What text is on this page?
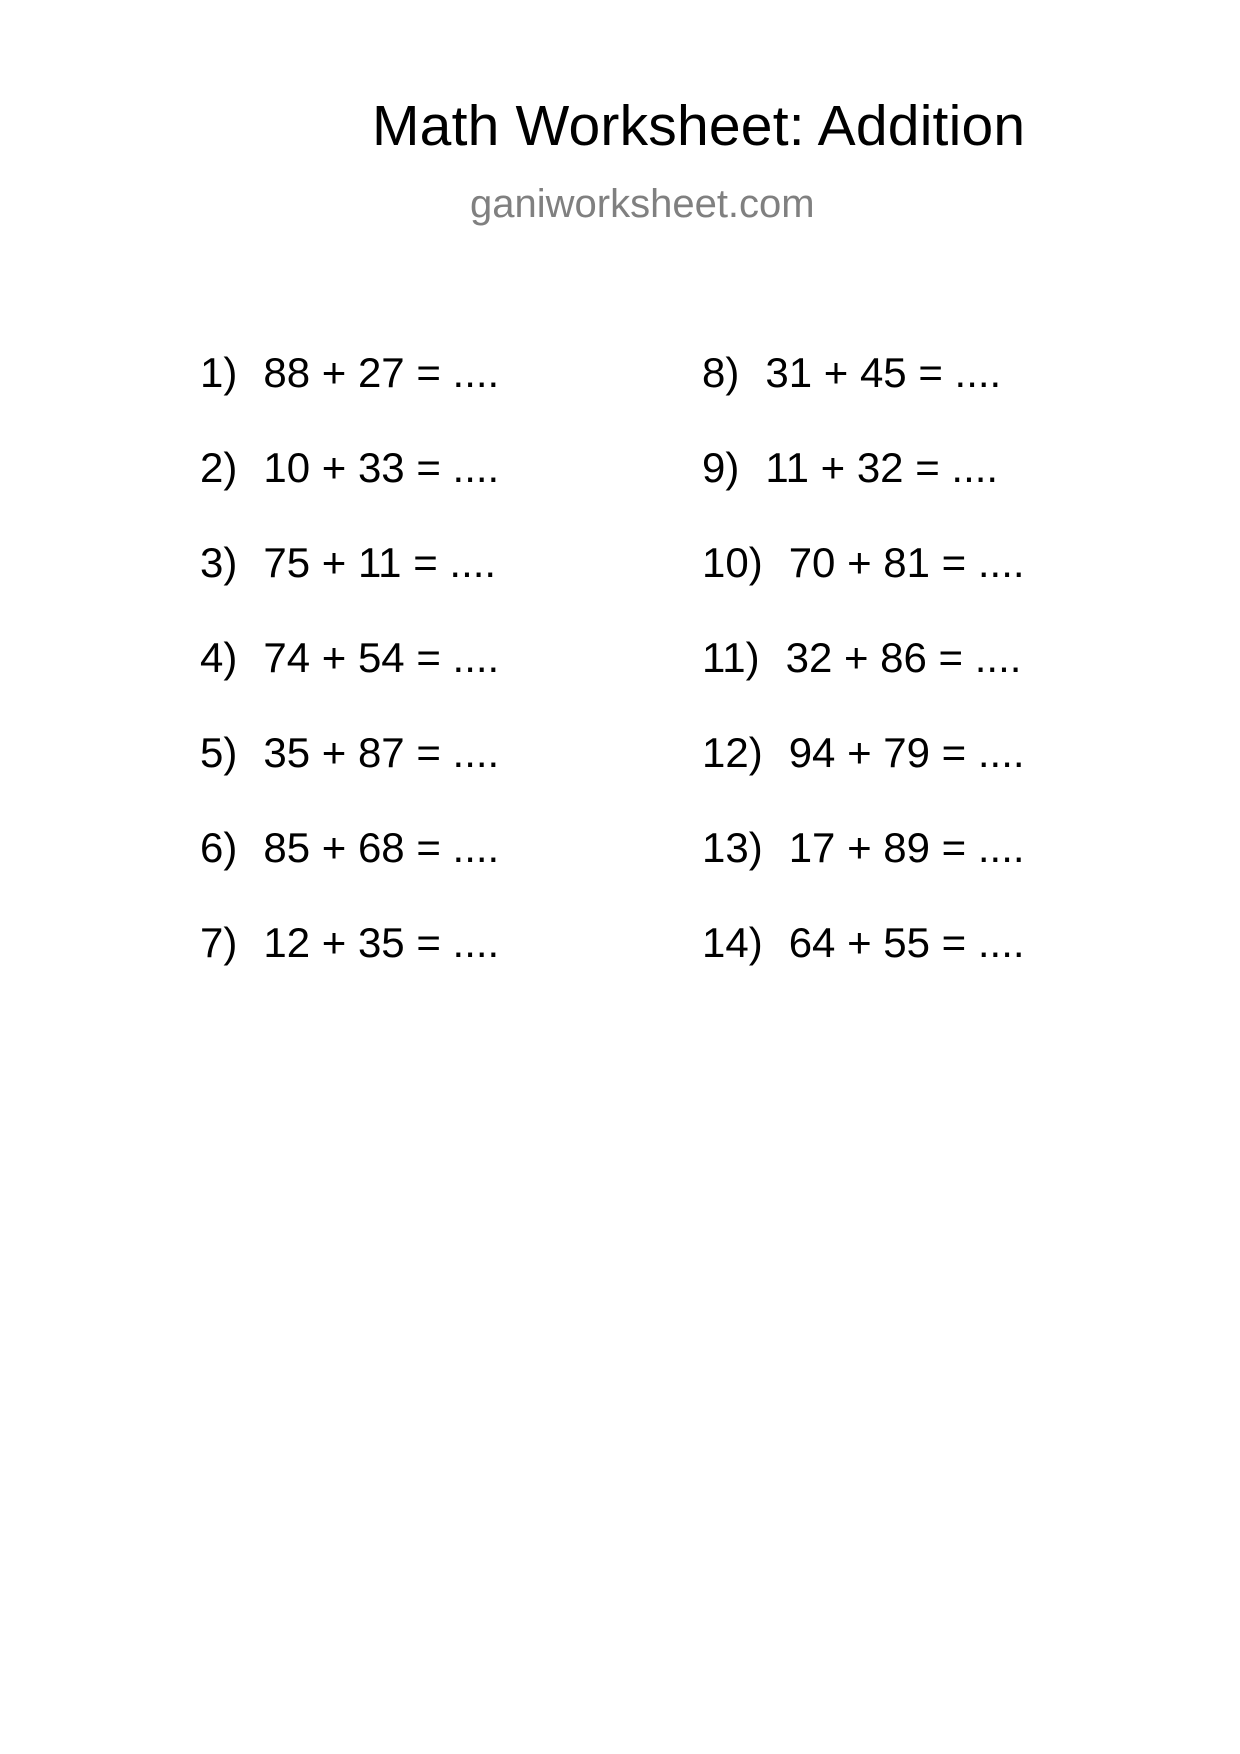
Math Worksheet: Addition
ganiworksheet.com
1) 88 + 27 = ....
2) 10 + 33 = ....
3) 75 + 11 = ....
4) 74 + 54 = ....
5) 35 + 87 = ....
6) 85 + 68 = ....
7) 12 + 35 = ....
8) 31 + 45 = ....
9) 11 + 32 = ....
10) 70 + 81 = ....
11) 32 + 86 = ....
12) 94 + 79 = ....
13) 17 + 89 = ....
14) 64 + 55 = ....
